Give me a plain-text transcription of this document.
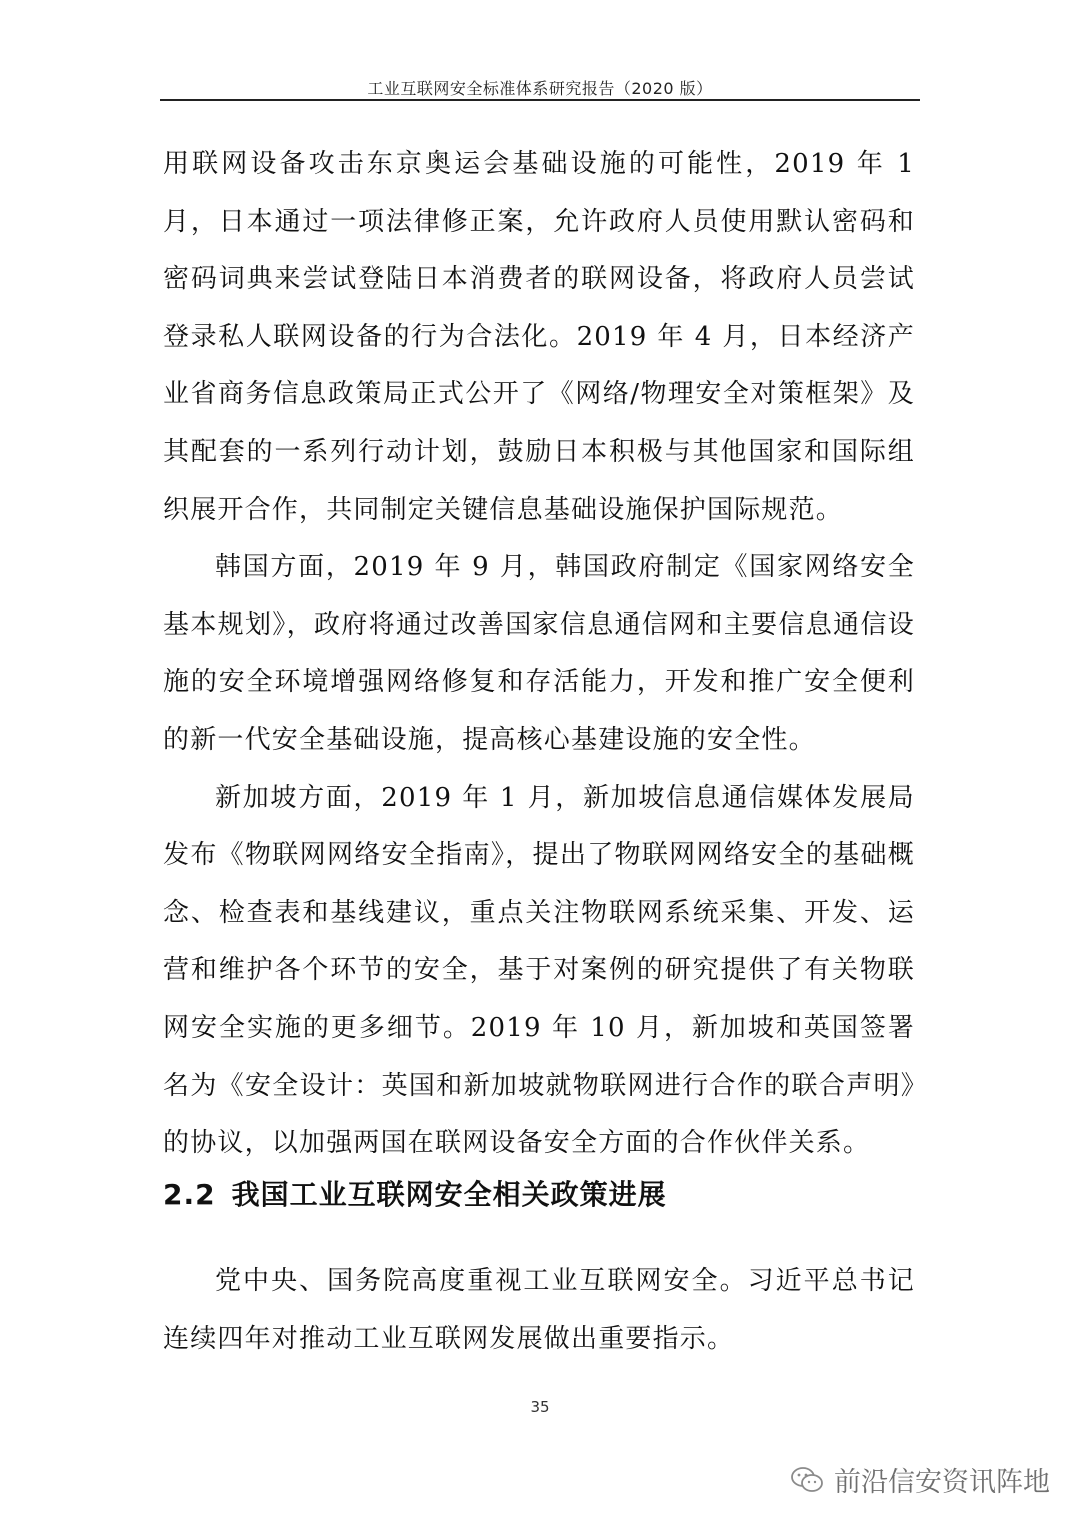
工业互联网安全标准体系研究报告（2020 版）

用联网设备攻击东京奥运会基础设施的可能性，2019 年 1 月，日本通过一项法律修正案，允许政府人员使用默认密码和密码词典来尝试登陆日本消费者的联网设备，将政府人员尝试登录私人联网设备的行为合法化。2019 年 4 月，日本经济产业省商务信息政策局正式公开了《网络/物理安全对策框架》及其配套的一系列行动计划，鼓励日本积极与其他国家和国际组织展开合作，共同制定关键信息基础设施保护国际规范。

韩国方面，2019 年 9 月，韩国政府制定《国家网络安全基本规划》，政府将通过改善国家信息通信网和主要信息通信设施的安全环境增强网络修复和存活能力，开发和推广安全便利的新一代安全基础设施，提高核心基建设施的安全性。

新加坡方面，2019 年 1 月，新加坡信息通信媒体发展局发布《物联网网络安全指南》，提出了物联网网络安全的基础概念、检查表和基线建议，重点关注物联网系统采集、开发、运营和维护各个环节的安全，基于对案例的研究提供了有关物联网安全实施的更多细节。2019 年 10 月，新加坡和英国签署名为《安全设计：英国和新加坡就物联网进行合作的联合声明》的协议，以加强两国在联网设备安全方面的合作伙伴关系。

2.2 我国工业互联网安全相关政策进展

党中央、国务院高度重视工业互联网安全。习近平总书记连续四年对推动工业互联网发展做出重要指示。

35
前沿信安资讯阵地
